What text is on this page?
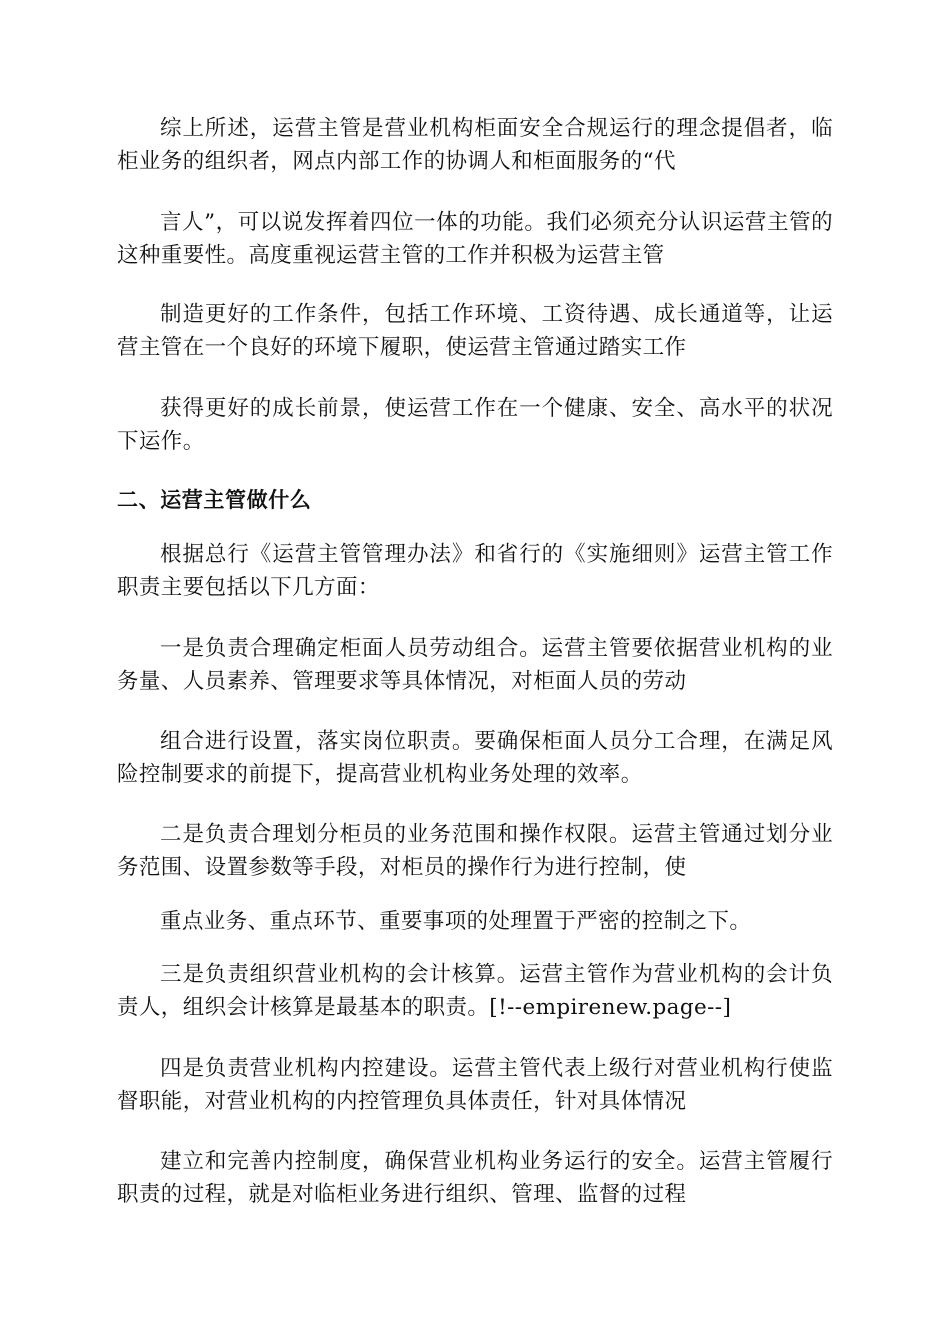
综上所述，运营主管是营业机构柜面安全合规运行的理念提倡者，临柜业务的组织者，网点内部工作的协调人和柜面服务的“代

言人”，可以说发挥着四位一体的功能。我们必须充分认识运营主管的这种重要性。高度重视运营主管的工作并积极为运营主管

制造更好的工作条件，包括工作环境、工资待遇、成长通道等，让运营主管在一个良好的环境下履职，使运营主管通过踏实工作

获得更好的成长前景，使运营工作在一个健康、安全、高水平的状况下运作。

二、运营主管做什么

根据总行《运营主管管理办法》和省行的《实施细则》运营主管工作职责主要包括以下几方面：

一是负责合理确定柜面人员劳动组合。运营主管要依据营业机构的业务量、人员素养、管理要求等具体情况，对柜面人员的劳动

组合进行设置，落实岗位职责。要确保柜面人员分工合理，在满足风险控制要求的前提下，提高营业机构业务处理的效率。

二是负责合理划分柜员的业务范围和操作权限。运营主管通过划分业务范围、设置参数等手段，对柜员的操作行为进行控制，使

重点业务、重点环节、重要事项的处理置于严密的控制之下。

三是负责组织营业机构的会计核算。运营主管作为营业机构的会计负责人，组织会计核算是最基本的职责。[!--empirenew.page--]

四是负责营业机构内控建设。运营主管代表上级行对营业机构行使监督职能，对营业机构的内控管理负具体责任，针对具体情况

建立和完善内控制度，确保营业机构业务运行的安全。运营主管履行职责的过程，就是对临柜业务进行组织、管理、监督的过程
